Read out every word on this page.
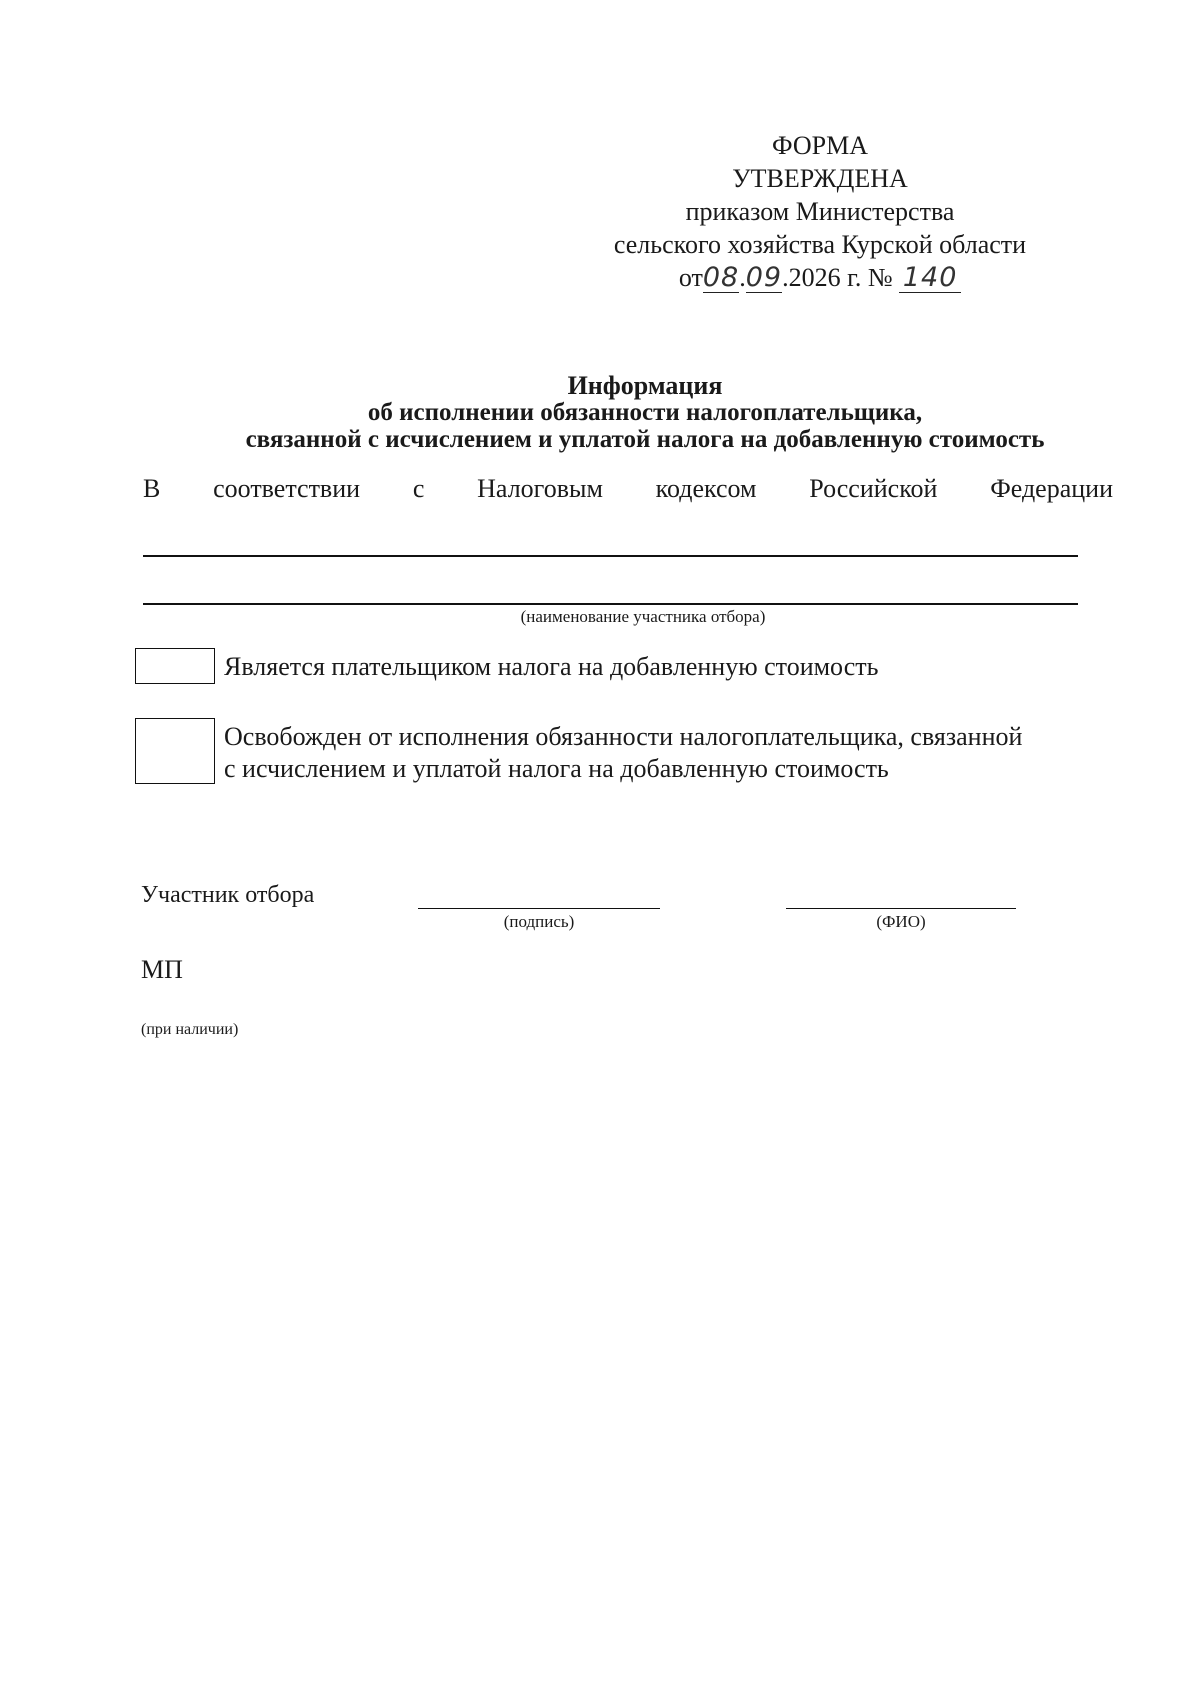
ФОРМА
УТВЕРЖДЕНА
приказом Министерства
сельского хозяйства Курской области
от08.09.2026 г. № 140
Информация
об исполнении обязанности налогоплательщика,
связанной с исчислением и уплатой налога на добавленную стоимость
В соответствии с Налоговым кодексом Российской Федерации
(наименование участника отбора)
Является плательщиком налога на добавленную стоимость
Освобожден от исполнения обязанности налогоплательщика, связанной
с исчислением и уплатой налога на добавленную стоимость
Участник отбора
(подпись)	(ФИО)
МП
(при наличии)
